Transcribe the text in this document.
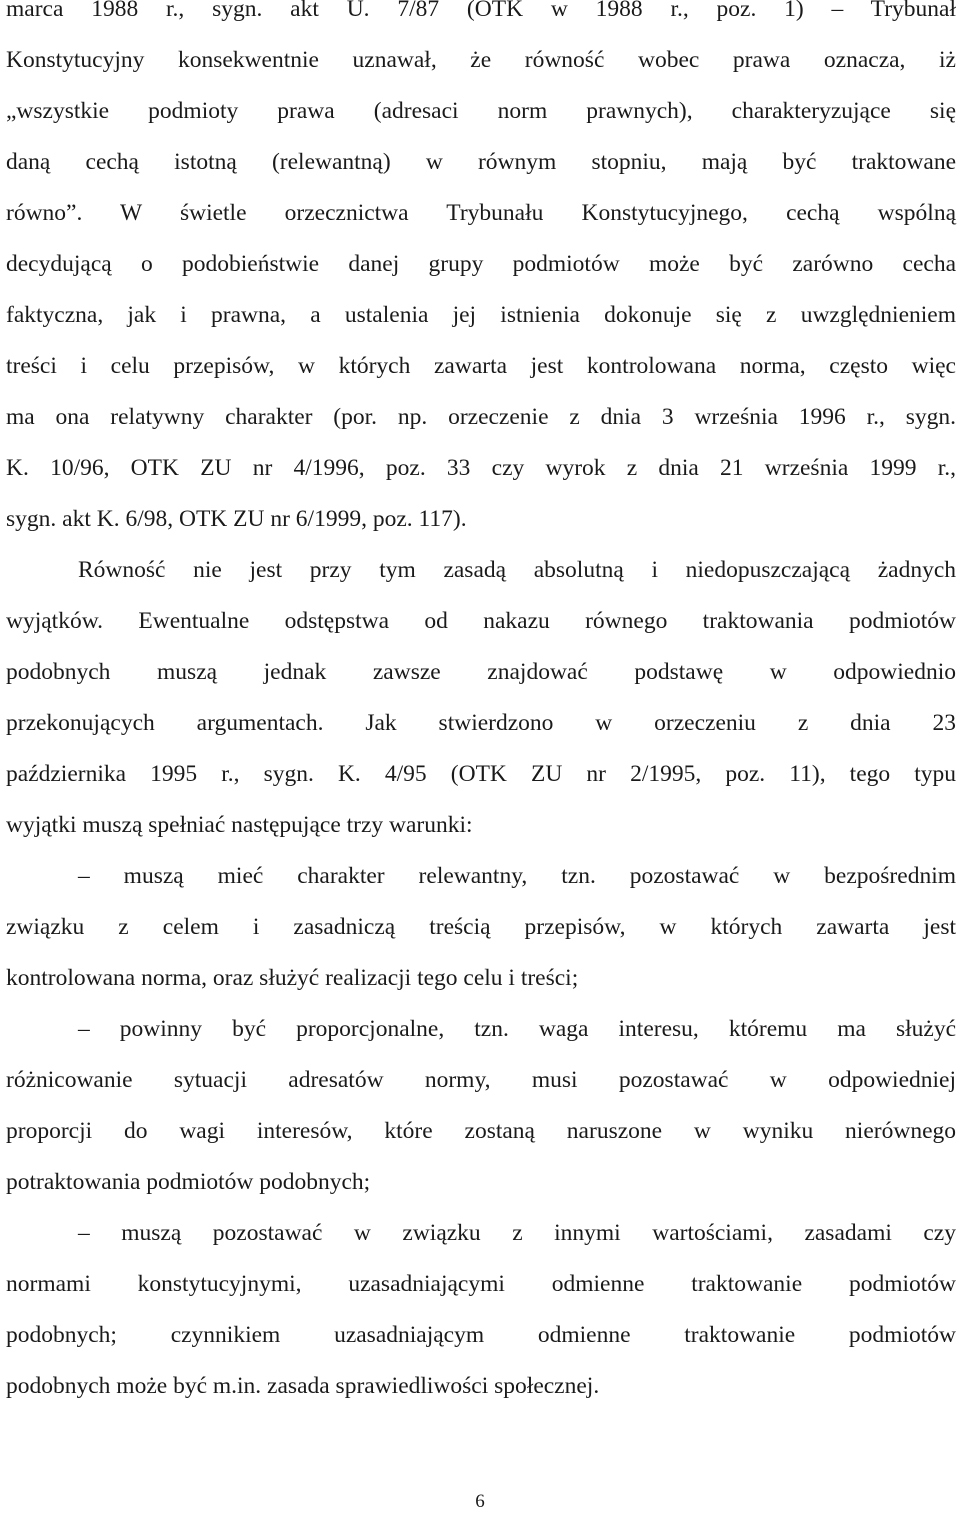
marca 1988 r., sygn. akt U. 7/87 (OTK w 1988 r., poz. 1) – Trybunał
Konstytucyjny konsekwentnie uznawał, że równość wobec prawa oznacza, iż
„wszystkie podmioty prawa (adresaci norm prawnych), charakteryzujące się
daną cechą istotną (relewantną) w równym stopniu, mają być traktowane
równo”. W świetle orzecznictwa Trybunału Konstytucyjnego, cechą wspólną
decydującą o podobieństwie danej grupy podmiotów może być zarówno cecha
faktyczna, jak i prawna, a ustalenia jej istnienia dokonuje się z uwzględnieniem
treści i celu przepisów, w których zawarta jest kontrolowana norma, często więc
ma ona relatywny charakter (por. np. orzeczenie z dnia 3 września 1996 r., sygn.
K. 10/96, OTK ZU nr 4/1996, poz. 33 czy wyrok z dnia 21 września 1999 r.,
sygn. akt K. 6/98, OTK ZU nr 6/1999, poz. 117).
Równość nie jest przy tym zasadą absolutną i niedopuszczającą żadnych
wyjątków. Ewentualne odstępstwa od nakazu równego traktowania podmiotów
podobnych muszą jednak zawsze znajdować podstawę w odpowiednio
przekonujących argumentach. Jak stwierdzono w orzeczeniu z dnia 23
października 1995 r., sygn. K. 4/95 (OTK ZU nr 2/1995, poz. 11), tego typu
wyjątki muszą spełniać następujące trzy warunki:
– muszą mieć charakter relewantny, tzn. pozostawać w bezpośrednim
związku z celem i zasadniczą treścią przepisów, w których zawarta jest
kontrolowana norma, oraz służyć realizacji tego celu i treści;
– powinny być proporcjonalne, tzn. waga interesu, któremu ma służyć
różnicowanie sytuacji adresatów normy, musi pozostawać w odpowiedniej
proporcji do wagi interesów, które zostaną naruszone w wyniku nierównego
potraktowania podmiotów podobnych;
– muszą pozostawać w związku z innymi wartościami, zasadami czy
normami konstytucyjnymi, uzasadniającymi odmienne traktowanie podmiotów
podobnych; czynnikiem uzasadniającym odmienne traktowanie podmiotów
podobnych może być m.in. zasada sprawiedliwości społecznej.
6
